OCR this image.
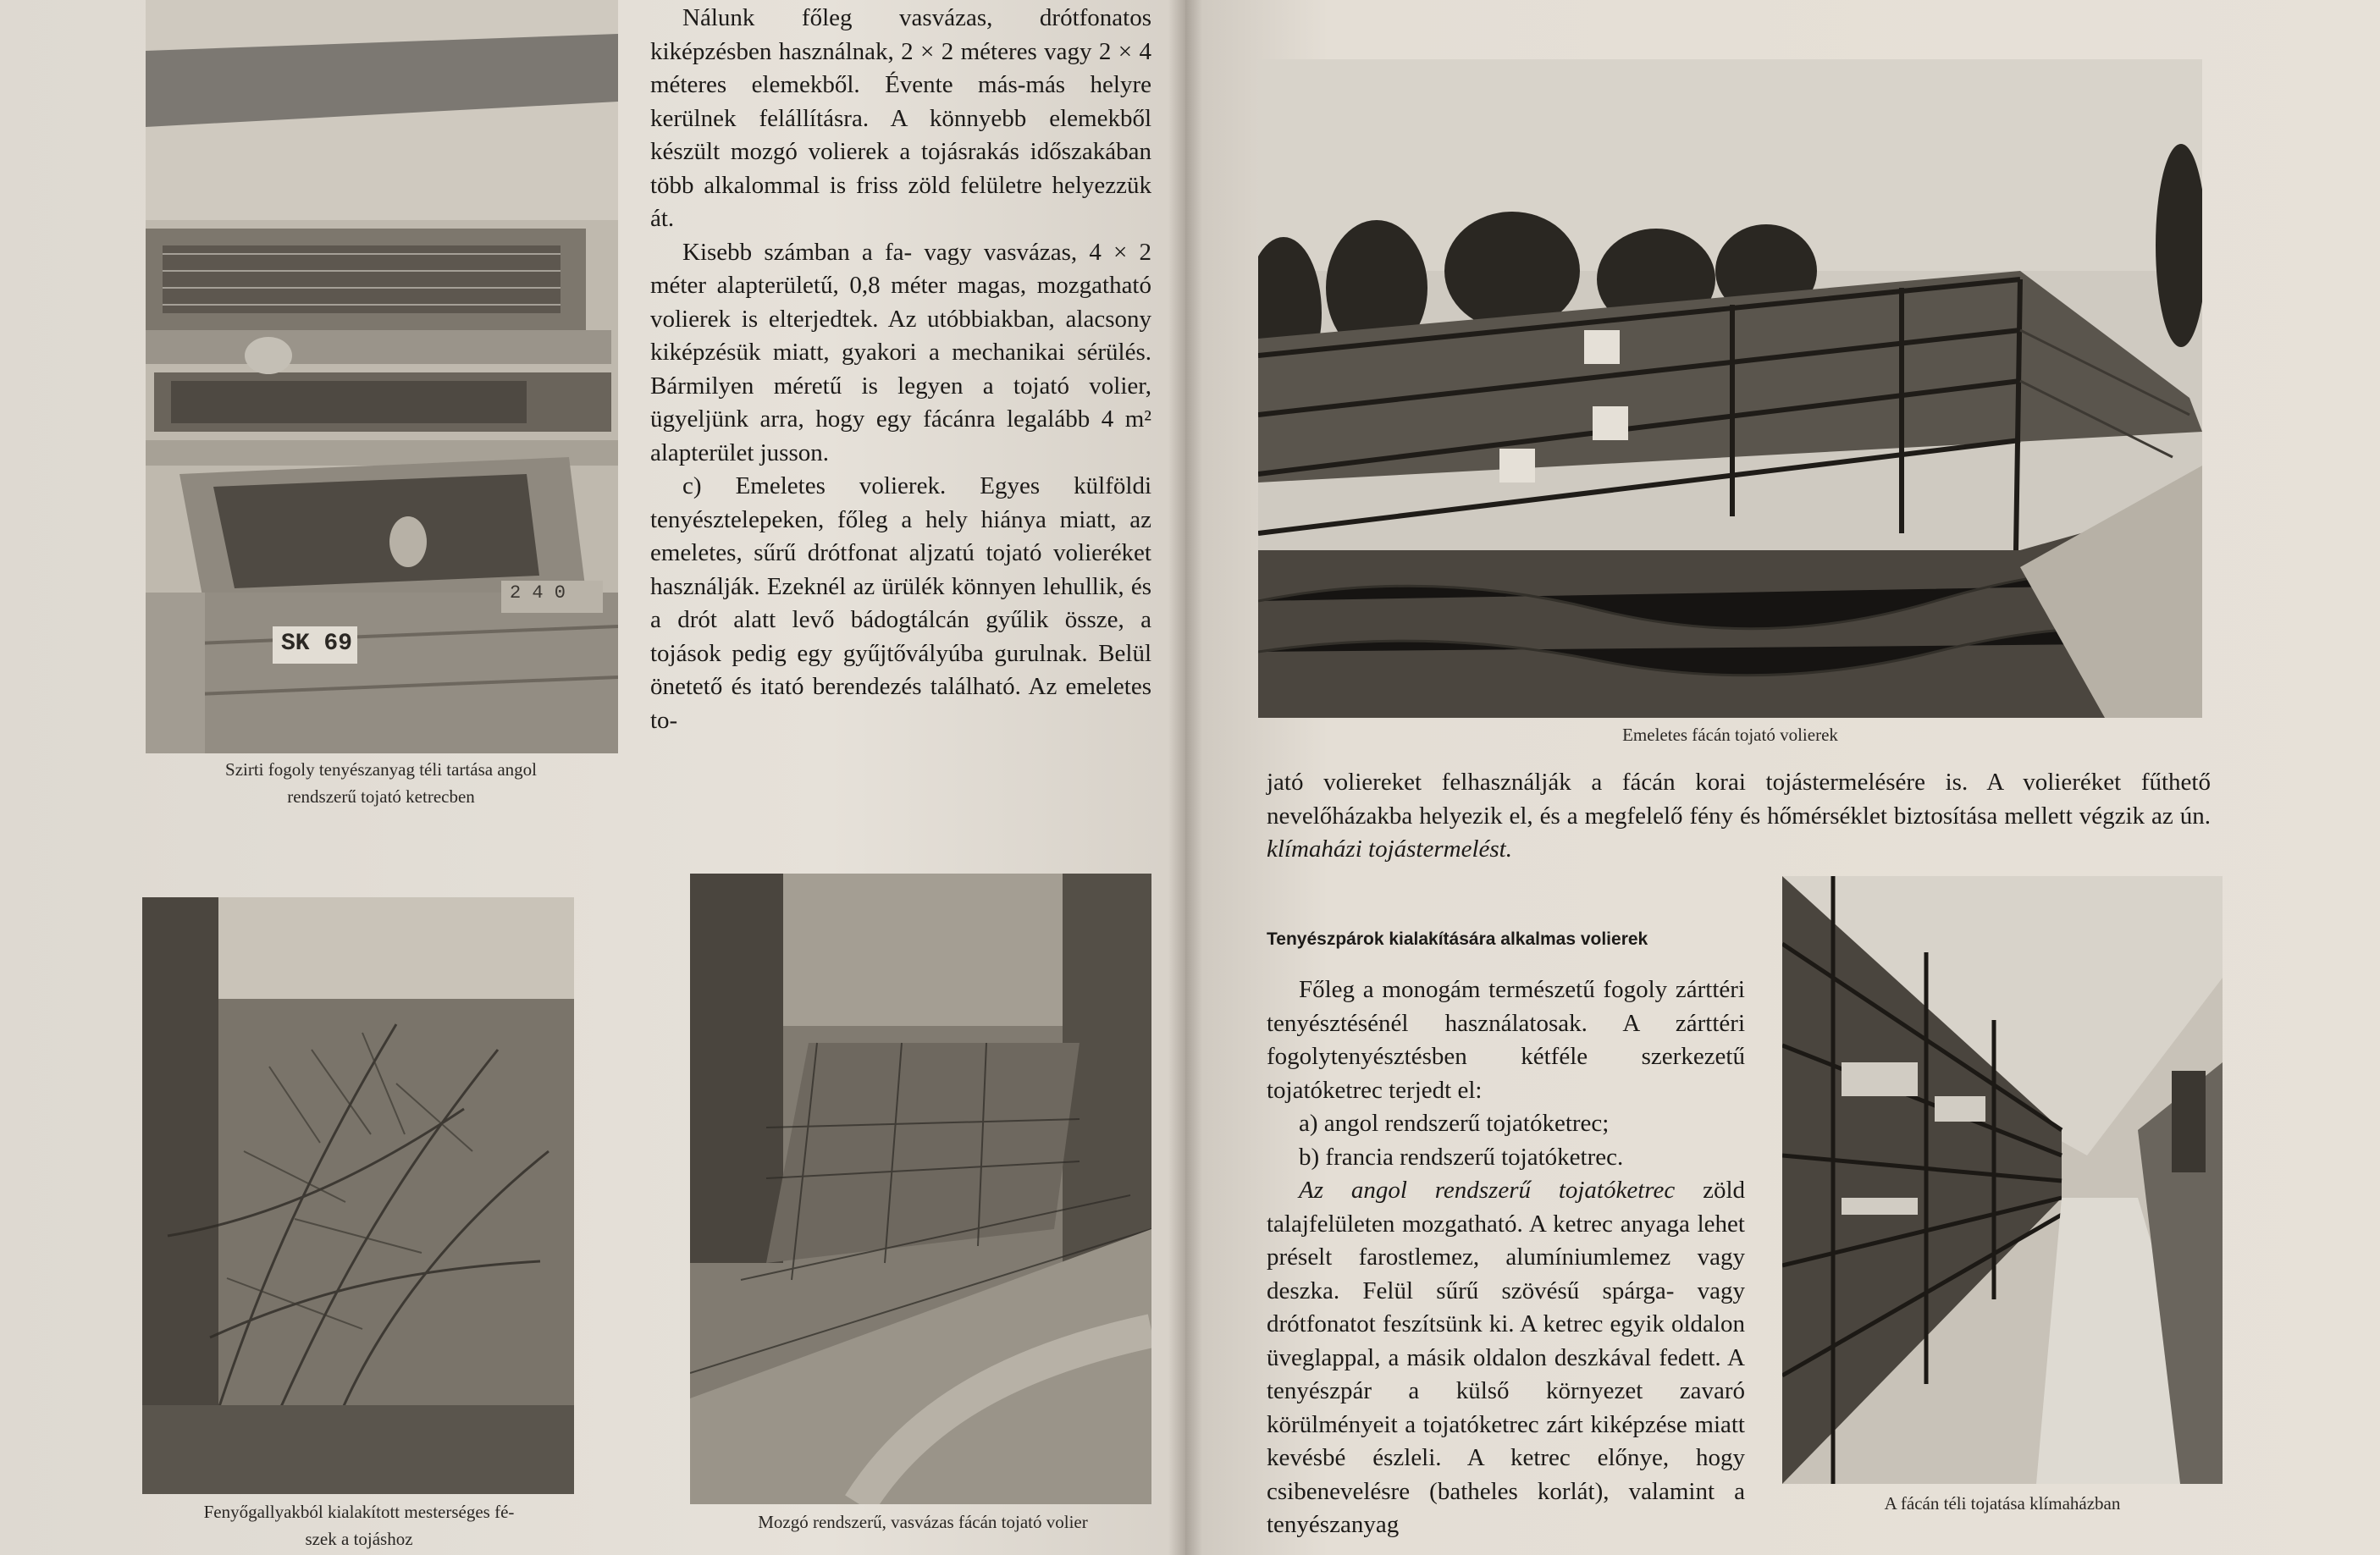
SK 69
2 4 0
Szirti fogoly tenyészanyag téli tartása angol
rendszerű tojató ketrecben

Nálunk főleg vasvázas, drótfonatos kiképzésben használnak, 2 × 2 méteres vagy 2 × 4 méteres elemekből. Évente más-más helyre kerülnek felállításra. A könnyebb elemekből készült mozgó volierek a tojásrakás időszakában több alkalommal is friss zöld felületre helyezzük át.

Kisebb számban a fa- vagy vasvázas, 4 × 2 méter alapterületű, 0,8 méter magas, mozgatható volierek is elterjedtek. Az utóbbiakban, alacsony kiképzésük miatt, gyakori a mechanikai sérülés. Bármilyen méretű is legyen a tojató volier, ügyeljünk arra, hogy egy fácánra legalább 4 m² alapterület jusson.

c) Emeletes volierek. Egyes külföldi tenyésztelepeken, főleg a hely hiánya miatt, az emeletes, sűrű drótfonat aljzatú tojató volieréket használják. Ezeknél az ürülék könnyen lehullik, és a drót alatt levő bádogtálcán gyűlik össze, a tojások pedig egy gyűjtővályúba gurulnak. Belül önetető és itató berendezés található. Az emeletes to-

Fenyőgallyakból kialakított mesterséges fé-
szek a tojáshoz
Mozgó rendszerű, vasvázas fácán tojató volier
Emeletes fácán tojató volierek

jató voliereket felhasználják a fácán korai tojástermelésére is. A volieréket fűthető nevelőházakba helyezik el, és a megfelelő fény és hőmérséklet biztosítása mellett végzik az ún. klímaházi tojástermelést.

Tenyészpárok kialakítására alkalmas volierek

Főleg a monogám természetű fogoly zárttéri tenyésztésénél használatosak. A zárttéri fogolytenyésztésben kétféle szerkezetű tojatóketrec terjedt el:

a) angol rendszerű tojatóketrec;

b) francia rendszerű tojatóketrec.

Az angol rendszerű tojatóketrec zöld talajfelületen mozgatható. A ketrec anyaga lehet préselt farostlemez, alumíniumlemez vagy deszka. Felül sűrű szövésű spárga- vagy drótfonatot feszítsünk ki. A ketrec egyik oldalon üveglappal, a másik oldalon deszkával fedett. A tenyészpár a külső környezet zavaró körülményeit a tojatóketrec zárt kiképzése miatt kevésbé észleli. A ketrec előnye, hogy csibenevelésre (batheles korlát), valamint a tenyészanyag

A fácán téli tojatása klímaházban
